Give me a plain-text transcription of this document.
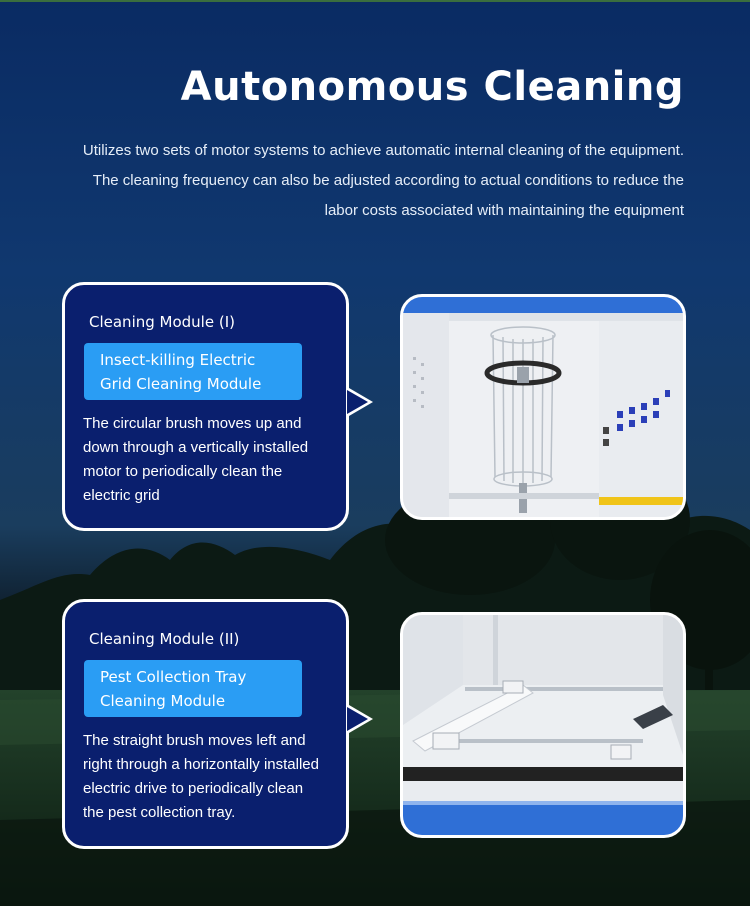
Autonomous Cleaning

Utilizes two sets of motor systems to achieve automatic internal cleaning of the equipment. The cleaning frequency can also be adjusted according to actual conditions to reduce the labor costs associated with maintaining the equipment

Cleaning Module (I)
Insect-killing Electric Grid Cleaning Module
The circular brush moves up and down through a vertically installed motor to periodically clean the electric grid
Cleaning Module (II)
Pest Collection Tray Cleaning Module
The straight brush moves left and right through a horizontally installed electric drive to periodically clean the pest collection tray.
